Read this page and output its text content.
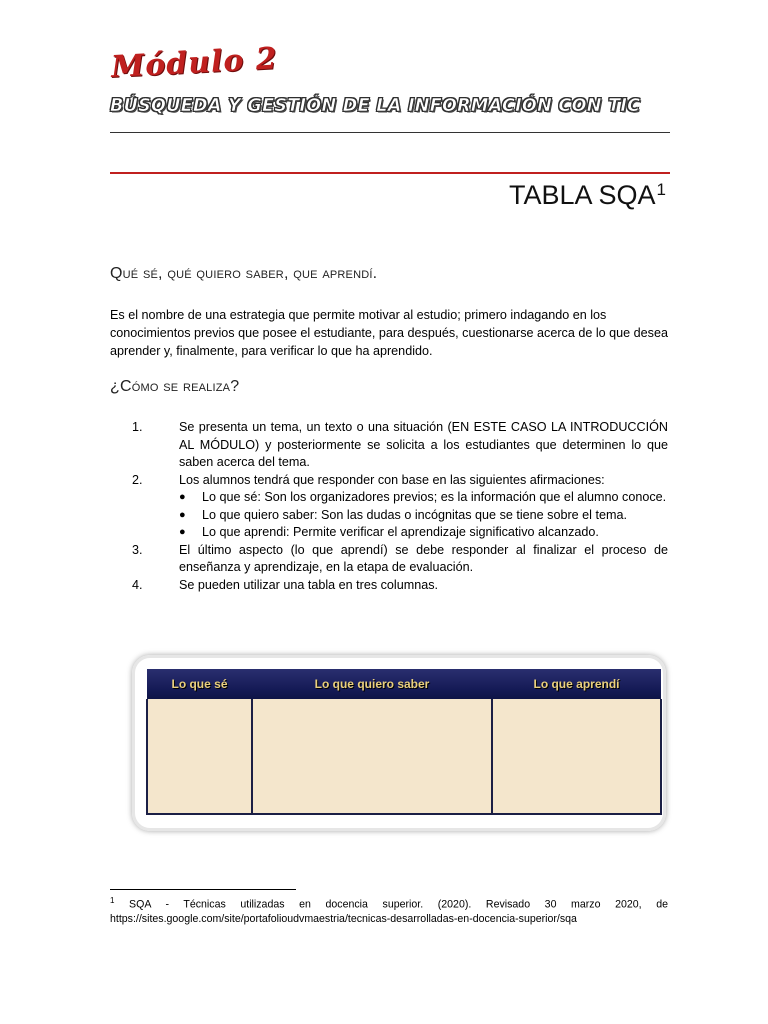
Módulo 2
BÚSQUEDA Y GESTIÓN DE LA INFORMACIÓN CON TIC
TABLA SQA$^1$
Qué sé, qué quiero saber, que aprendí.
Es el nombre de una estrategia que permite motivar al estudio; primero indagando en los conocimientos previos que posee el estudiante, para después, cuestionarse acerca de lo que desea aprender y, finalmente, para verificar lo que ha aprendido.
¿Cómo se realiza?
1.	Se presenta un tema, un texto o una situación (EN ESTE CASO LA INTRODUCCIÓN AL MÓDULO) y posteriormente se solicita a los estudiantes que determinen lo que saben acerca del tema.
2.	Los alumnos tendrá que responder con base en las siguientes afirmaciones:
● Lo que sé: Son los organizadores previos; es la información que el alumno conoce.
● Lo que quiero saber: Son las dudas o incógnitas que se tiene sobre el tema.
● Lo que aprendi: Permite verificar el aprendizaje significativo alcanzado.
3.	El último aspecto (lo que aprendí) se debe responder al finalizar el proceso de enseñanza y aprendizaje, en la etapa de evaluación.
4.	Se pueden utilizar una tabla en tres columnas.
Lo que sé	Lo que quiero saber	Lo que aprendí

$^1$ SQA - Técnicas utilizadas en docencia superior. (2020). Revisado 30 marzo 2020, de https://sites.google.com/site/portafolioudvmaestria/tecnicas-desarrolladas-en-docencia-superior/sqa
